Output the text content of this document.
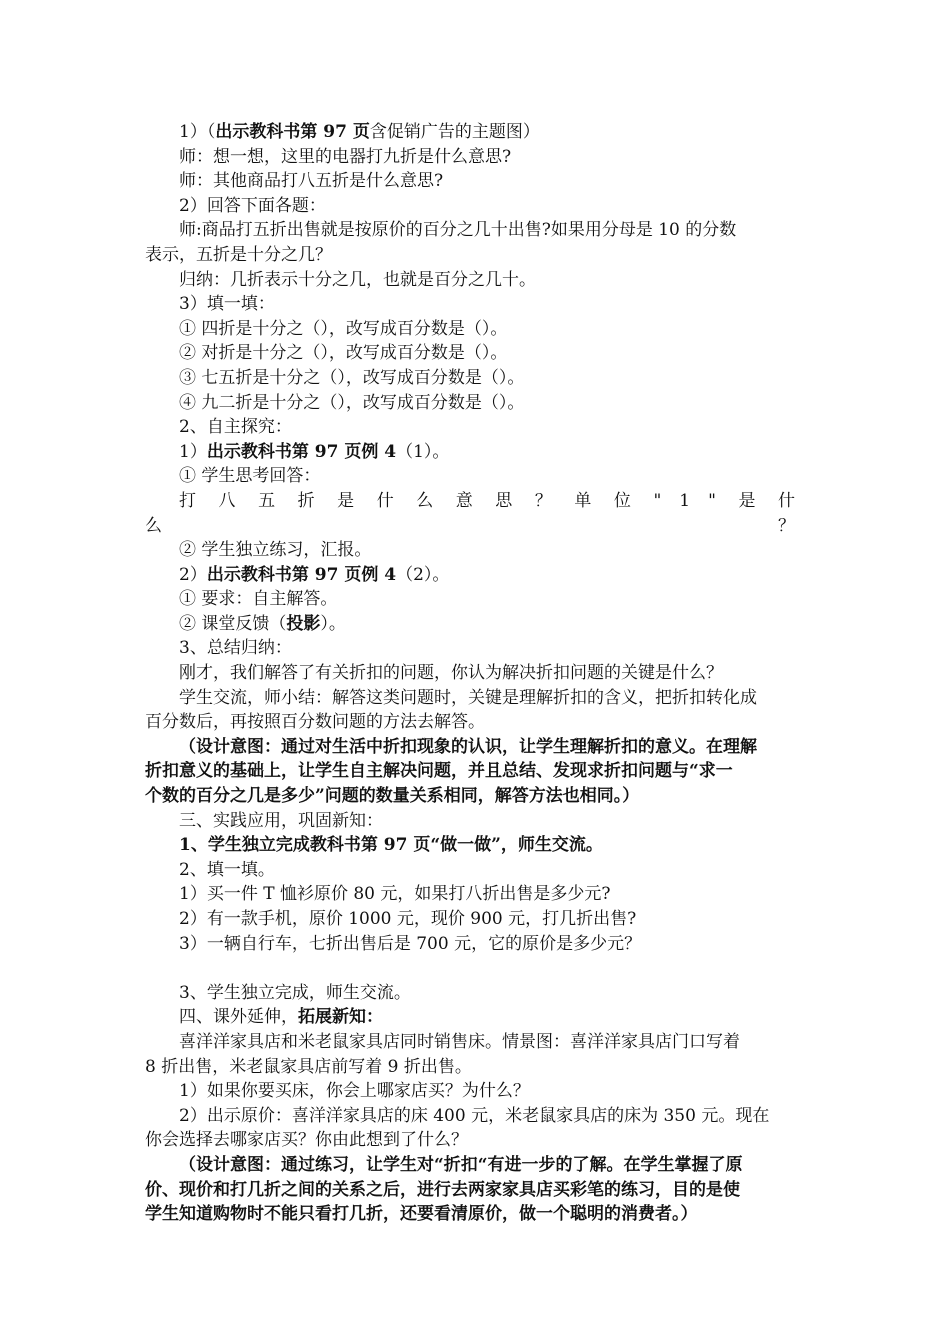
1）（出示教科书第 97 页含促销广告的主题图）

师：想一想，这里的电器打九折是什么意思?

师：其他商品打八五折是什么意思?

2）回答下面各题：

师:商品打五折出售就是按原价的百分之几十出售?如果用分母是 10 的分数

表示，五折是十分之几？

归纳：几折表示十分之几，也就是百分之几十。

3）填一填：

① 四折是十分之（），改写成百分数是（）。

② 对折是十分之（），改写成百分数是（）。

③ 七五折是十分之（），改写成百分数是（）。

④ 九二折是十分之（），改写成百分数是（）。

2、自主探究：

1）出示教科书第 97 页例 4（1）。

① 学生思考回答：

打八五折是什么意思？单位"1"是什么？

② 学生独立练习，汇报。

2）出示教科书第 97 页例 4（2）。

① 要求：自主解答。

② 课堂反馈（投影）。

3、总结归纳：

刚才，我们解答了有关折扣的问题，你认为解决折扣问题的关键是什么？

学生交流，师小结：解答这类问题时，关键是理解折扣的含义，把折扣转化成

百分数后，再按照百分数问题的方法去解答。

（设计意图：通过对生活中折扣现象的认识，让学生理解折扣的意义。在理解

折扣意义的基础上，让学生自主解决问题，并且总结、发现求折扣问题与“求一

个数的百分之几是多少”问题的数量关系相同，解答方法也相同。）

三、实践应用，巩固新知：

1、学生独立完成教科书第 97 页“做一做”，师生交流。

2、填一填。

1）买一件 T 恤衫原价 80 元，如果打八折出售是多少元?

2）有一款手机，原价 1000 元，现价 900 元，打几折出售?

3）一辆自行车，七折出售后是 700 元，它的原价是多少元？

3、学生独立完成，师生交流。

四、课外延伸，拓展新知：

喜洋洋家具店和米老鼠家具店同时销售床。情景图：喜洋洋家具店门口写着

8 折出售，米老鼠家具店前写着 9 折出售。

1）如果你要买床，你会上哪家店买？为什么？

2）出示原价：喜洋洋家具店的床 400 元，米老鼠家具店的床为 350 元。现在

你会选择去哪家店买？你由此想到了什么？

（设计意图：通过练习，让学生对“折扣“有进一步的了解。在学生掌握了原

价、现价和打几折之间的关系之后，进行去两家家具店买彩笔的练习，目的是使

学生知道购物时不能只看打几折，还要看清原价，做一个聪明的消费者。）
